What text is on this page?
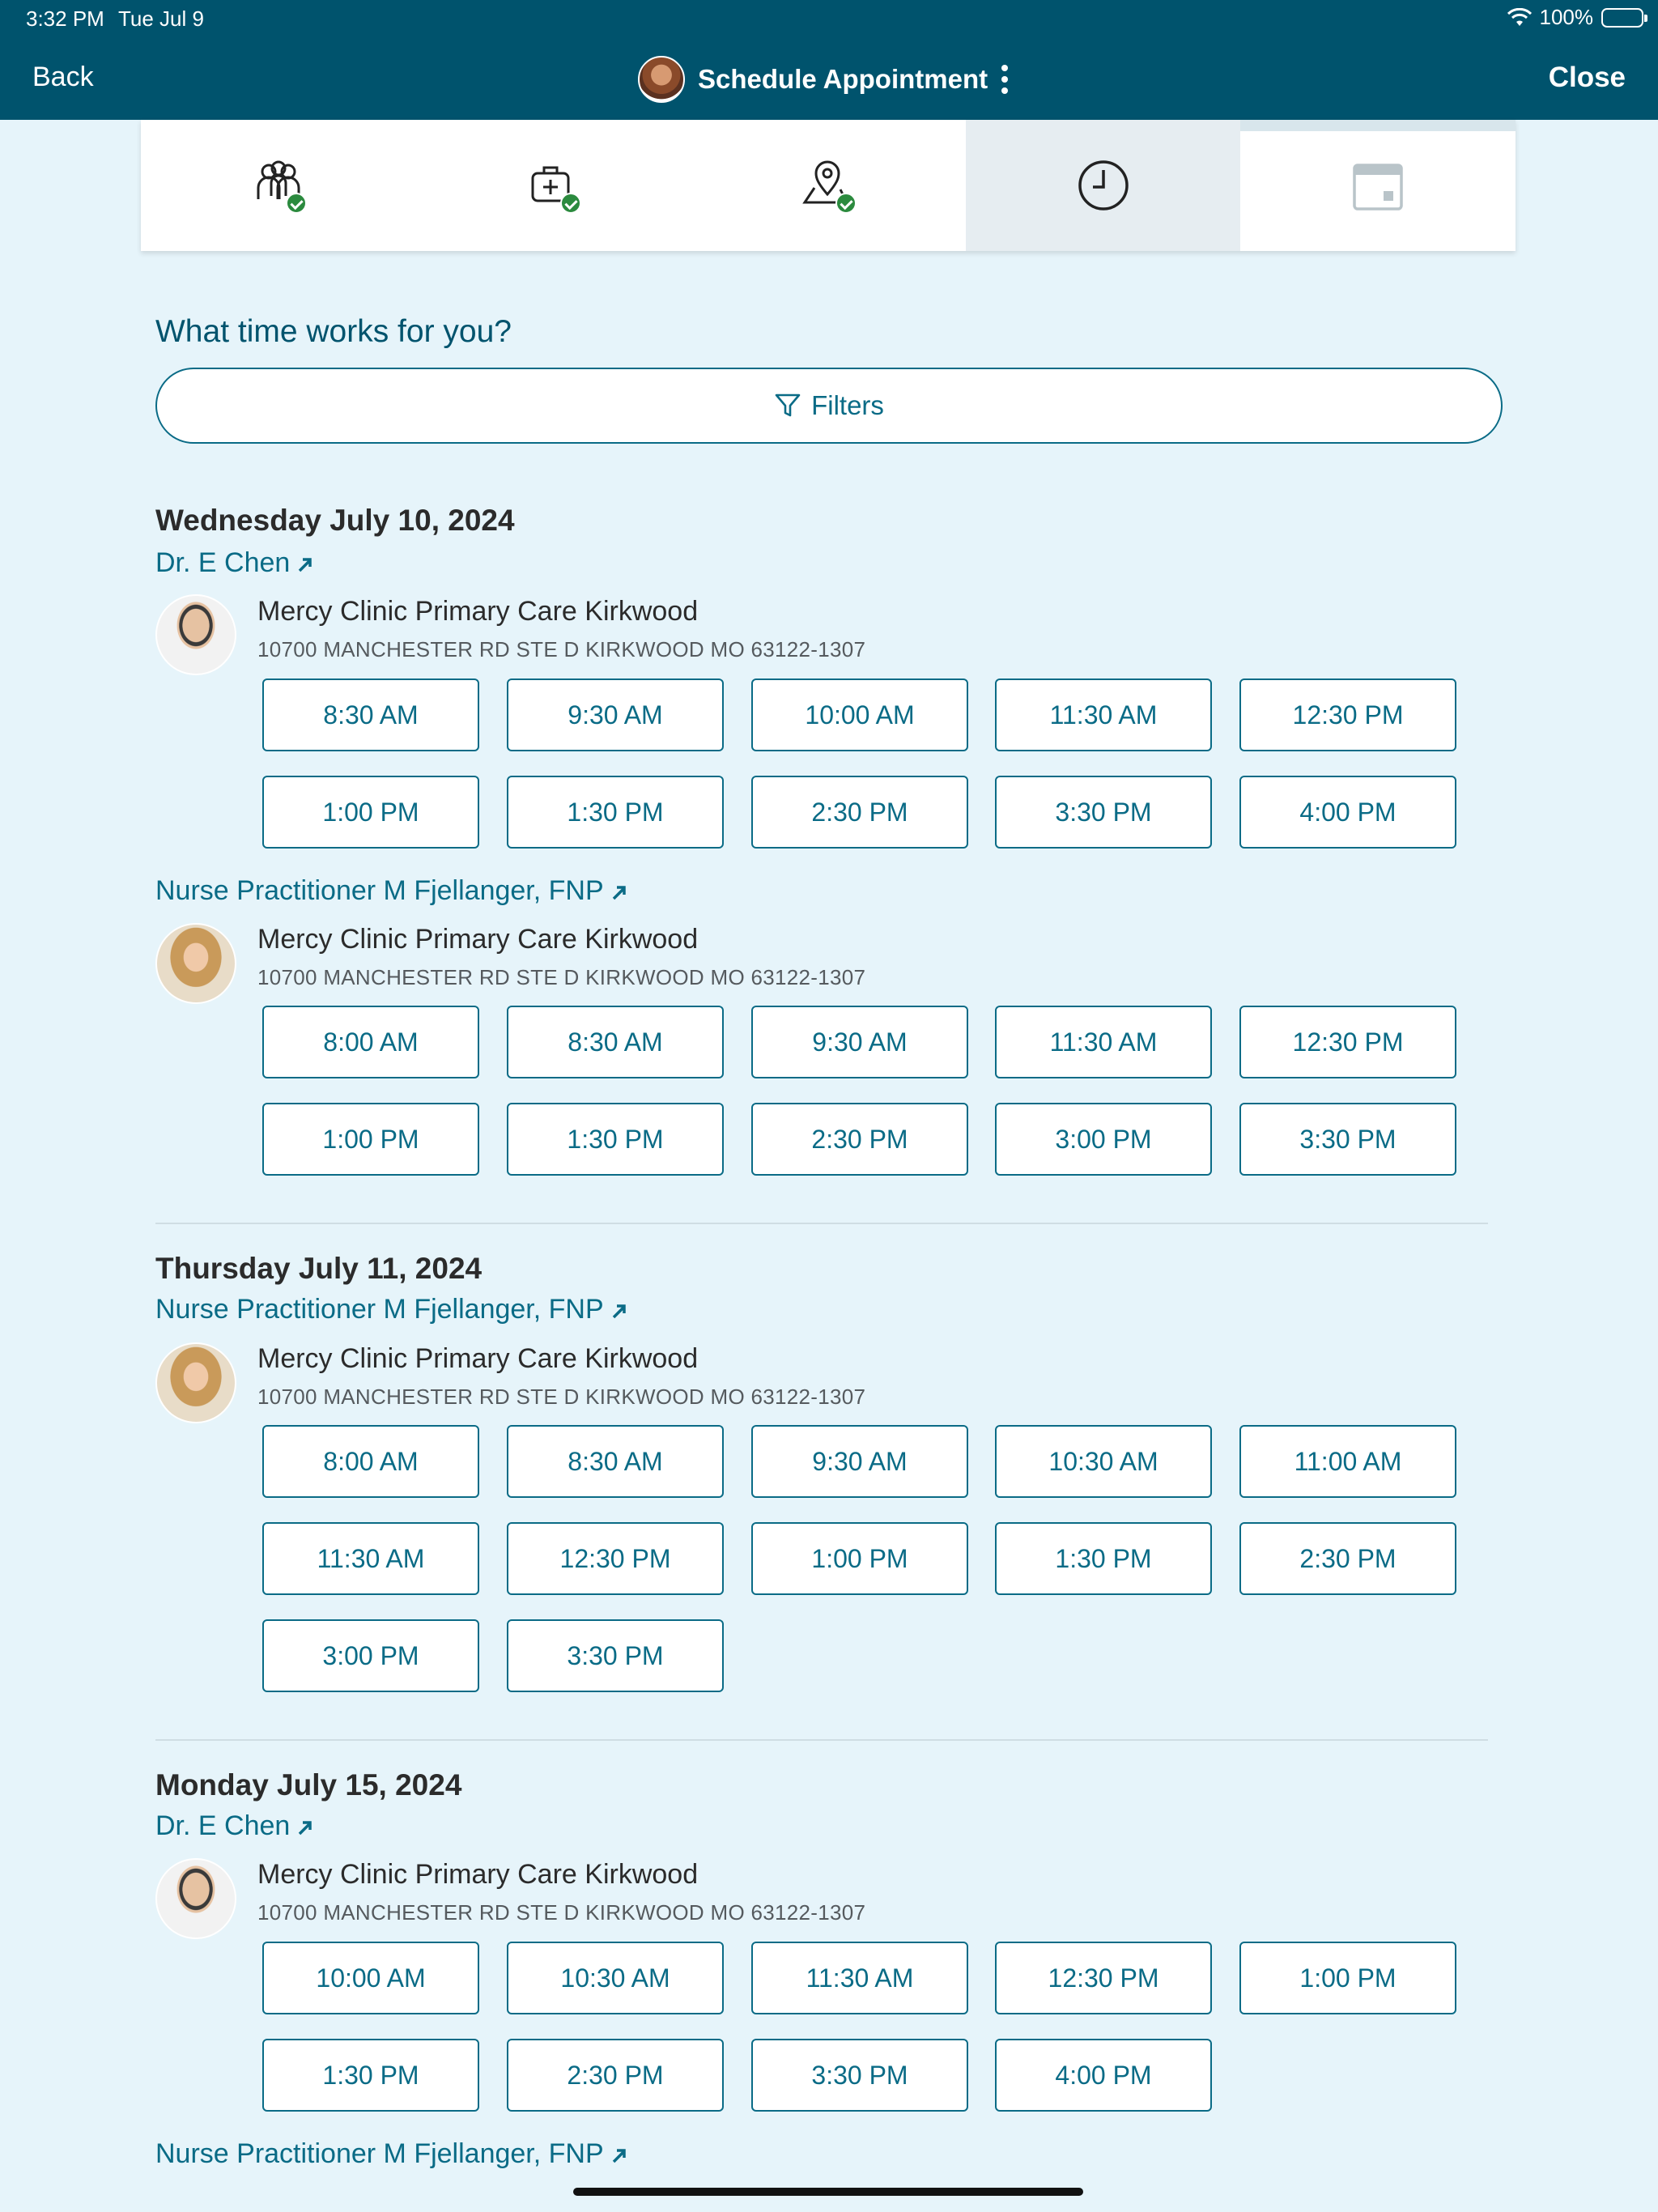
3:32 PM Tue Jul 9	100%
Back	Schedule Appointment	Close
What time works for you?
Filters
Wednesday July 10, 2024
Dr. E Chen
Mercy Clinic Primary Care Kirkwood
10700 MANCHESTER RD STE D KIRKWOOD MO 63122-1307
8:30 AM	9:30 AM	10:00 AM	11:30 AM	12:30 PM
1:00 PM	1:30 PM	2:30 PM	3:30 PM	4:00 PM
Nurse Practitioner M Fjellanger, FNP
Mercy Clinic Primary Care Kirkwood
10700 MANCHESTER RD STE D KIRKWOOD MO 63122-1307
8:00 AM	8:30 AM	9:30 AM	11:30 AM	12:30 PM
1:00 PM	1:30 PM	2:30 PM	3:00 PM	3:30 PM
Thursday July 11, 2024
Nurse Practitioner M Fjellanger, FNP
Mercy Clinic Primary Care Kirkwood
10700 MANCHESTER RD STE D KIRKWOOD MO 63122-1307
8:00 AM	8:30 AM	9:30 AM	10:30 AM	11:00 AM
11:30 AM	12:30 PM	1:00 PM	1:30 PM	2:30 PM
3:00 PM	3:30 PM
Monday July 15, 2024
Dr. E Chen
Mercy Clinic Primary Care Kirkwood
10700 MANCHESTER RD STE D KIRKWOOD MO 63122-1307
10:00 AM	10:30 AM	11:30 AM	12:30 PM	1:00 PM
1:30 PM	2:30 PM	3:30 PM	4:00 PM
Nurse Practitioner M Fjellanger, FNP
